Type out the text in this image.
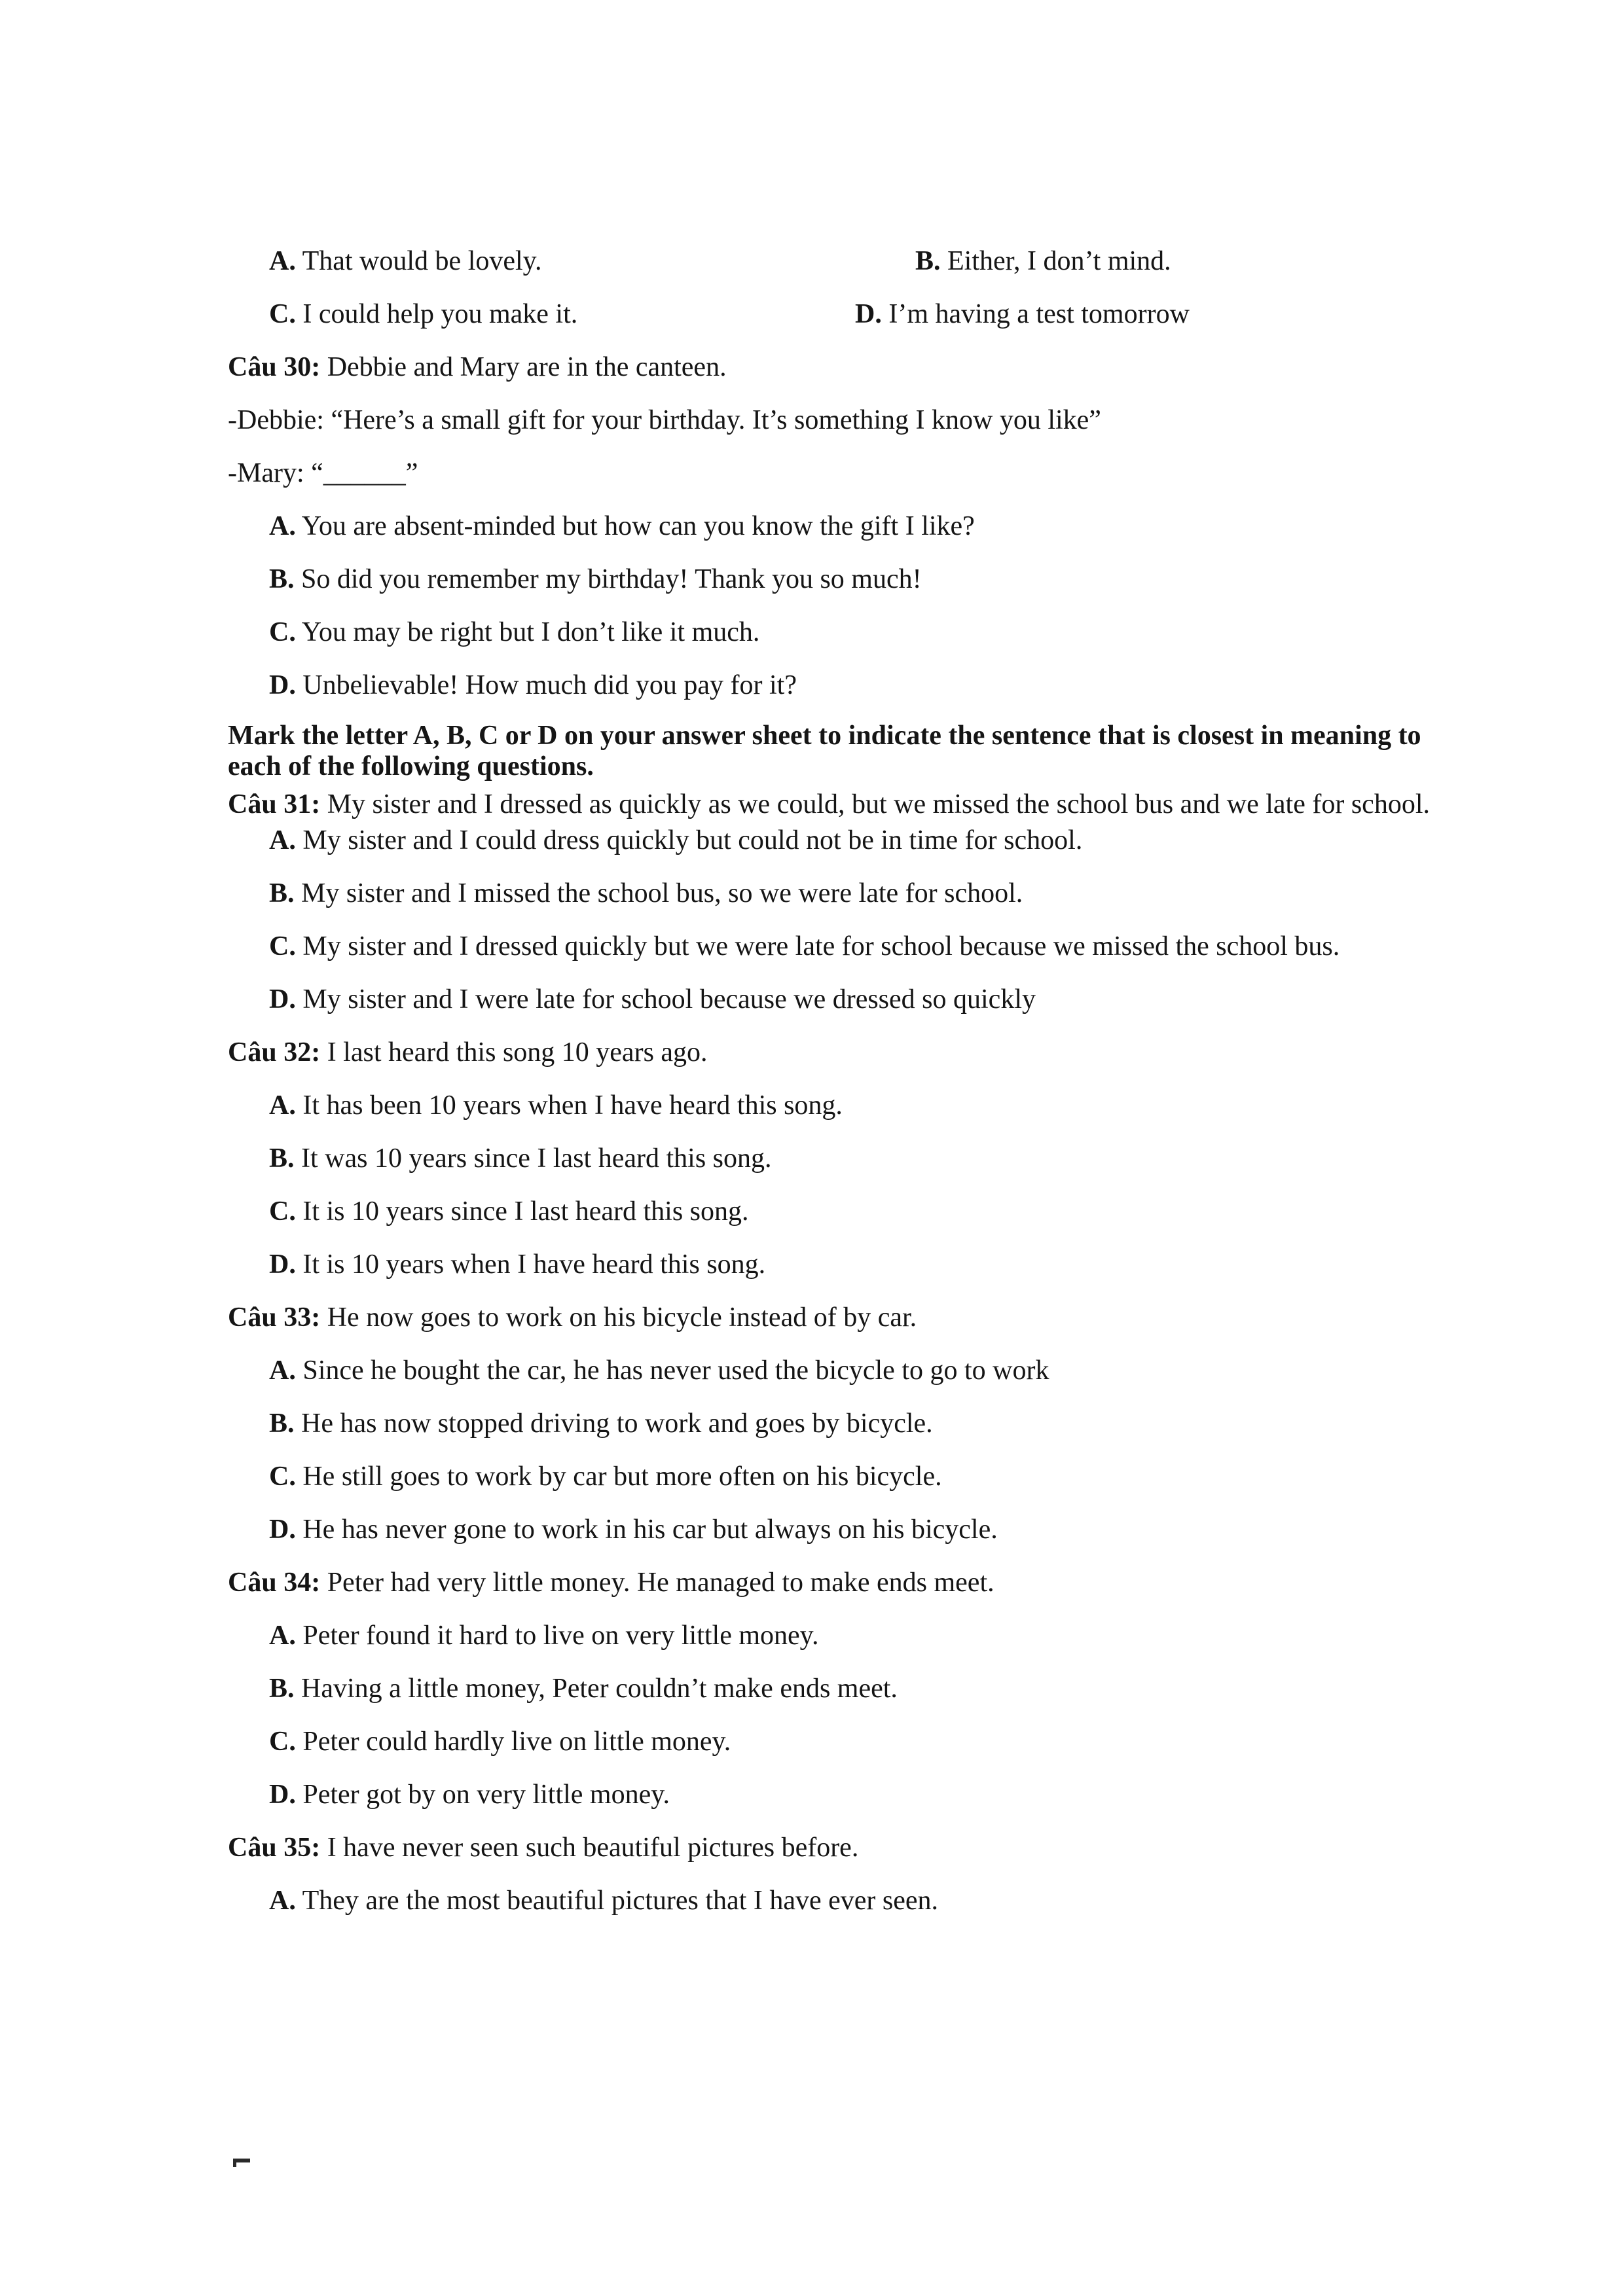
A. That would be lovely.	B. Either, I don’t mind.
C. I could help you make it.	D. I’m having a test tomorrow
Câu 30: Debbie and Mary are in the canteen.
-Debbie: “Here’s a small gift for your birthday. It’s something I know you like”
-Mary: “______”
A. You are absent-minded but how can you know the gift I like?
B. So did you remember my birthday! Thank you so much!
C. You may be right but I don’t like it much.
D. Unbelievable! How much did you pay for it?
Mark the letter A, B, C or D on your answer sheet to indicate the sentence that is closest in meaning to each of the following questions.
Câu 31: My sister and I dressed as quickly as we could, but we missed the school bus and we late for school.
A. My sister and I could dress quickly but could not be in time for school.
B. My sister and I missed the school bus, so we were late for school.
C. My sister and I dressed quickly but we were late for school because we missed the school bus.
D. My sister and I were late for school because we dressed so quickly
Câu 32: I last heard this song 10 years ago.
A. It has been 10 years when I have heard this song.
B. It was 10 years since I last heard this song.
C. It is 10 years since I last heard this song.
D. It is 10 years when I have heard this song.
Câu 33: He now goes to work on his bicycle instead of by car.
A. Since he bought the car, he has never used the bicycle to go to work
B. He has now stopped driving to work and goes by bicycle.
C. He still goes to work by car but more often on his bicycle.
D. He has never gone to work in his car but always on his bicycle.
Câu 34: Peter had very little money. He managed to make ends meet.
A. Peter found it hard to live on very little money.
B. Having a little money, Peter couldn’t make ends meet.
C. Peter could hardly live on little money.
D. Peter got by on very little money.
Câu 35: I have never seen such beautiful pictures before.
A. They are the most beautiful pictures that I have ever seen.
